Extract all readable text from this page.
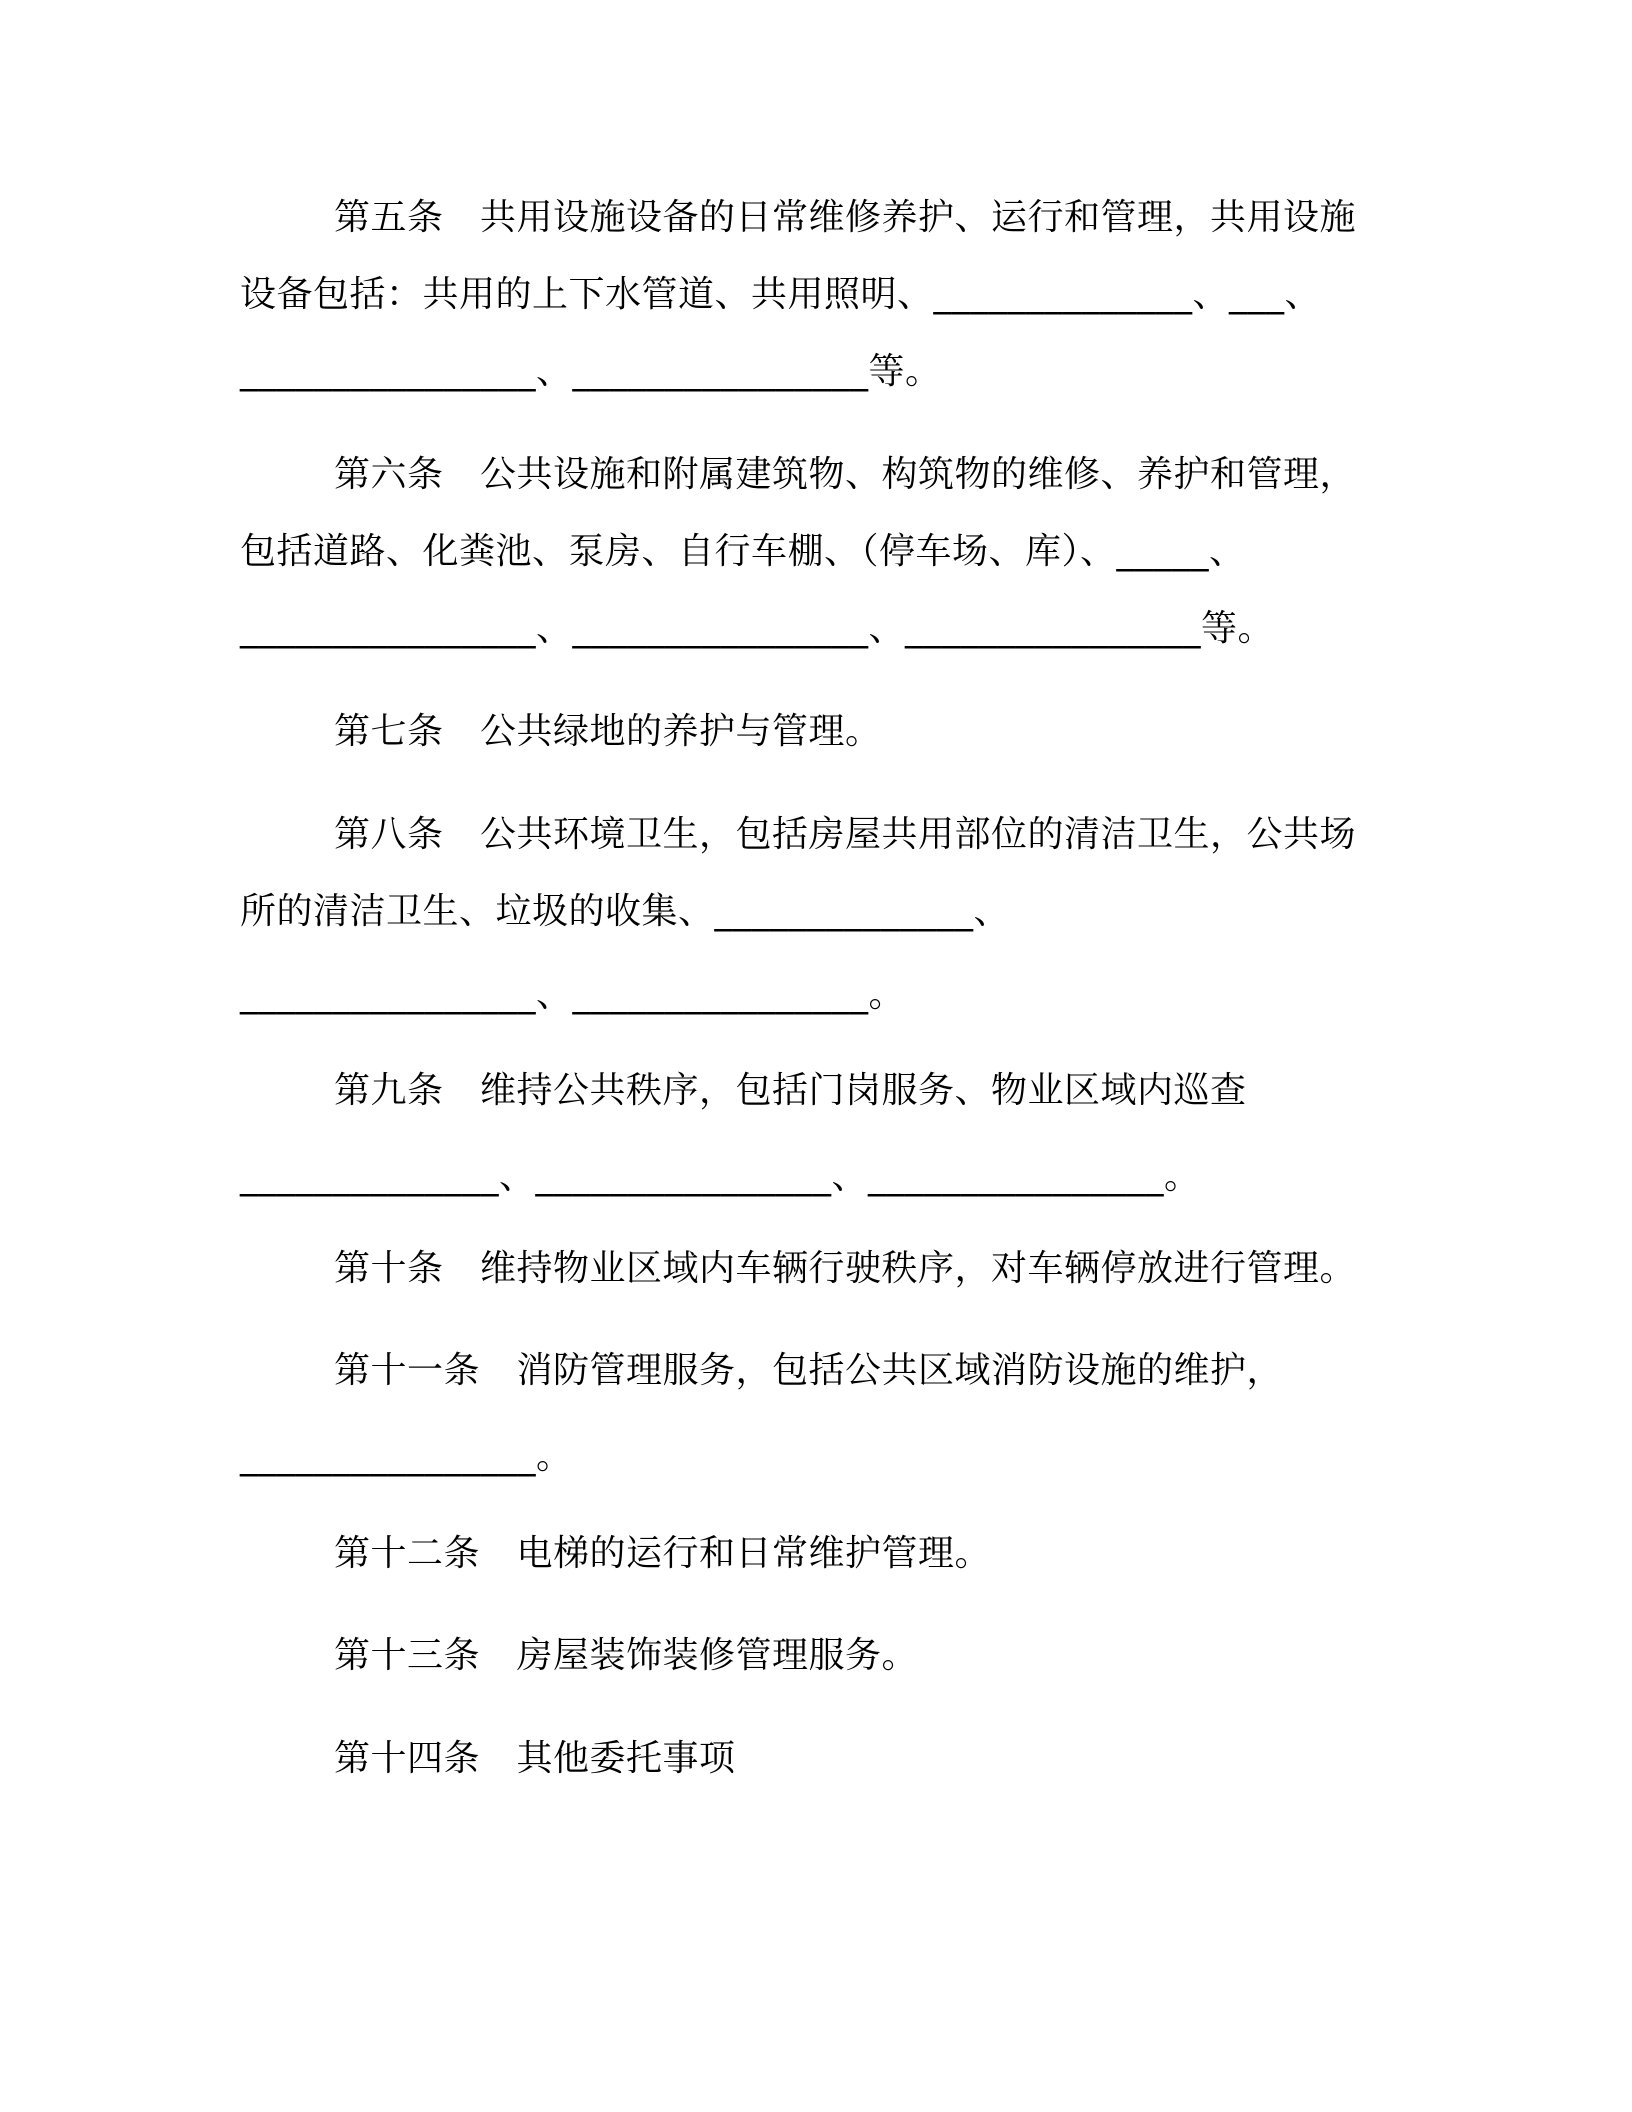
第五条　共用设施设备的日常维修养护、运行和管理，共用设施
设备包括：共用的上下水管道、共用照明、______________、___、
________________、________________等。
第六条　公共设施和附属建筑物、构筑物的维修、养护和管理，
包括道路、化粪池、泵房、自行车棚、（停车场、库）、_____、
________________、________________、________________等。
第七条　公共绿地的养护与管理。
第八条　公共环境卫生，包括房屋共用部位的清洁卫生，公共场
所的清洁卫生、垃圾的收集、______________、
________________、________________。
第九条　维持公共秩序，包括门岗服务、物业区域内巡查
______________、________________、________________。
第十条　维持物业区域内车辆行驶秩序，对车辆停放进行管理。
第十一条　消防管理服务，包括公共区域消防设施的维护，
________________。
第十二条　电梯的运行和日常维护管理。
第十三条　房屋装饰装修管理服务。
第十四条　其他委托事项
